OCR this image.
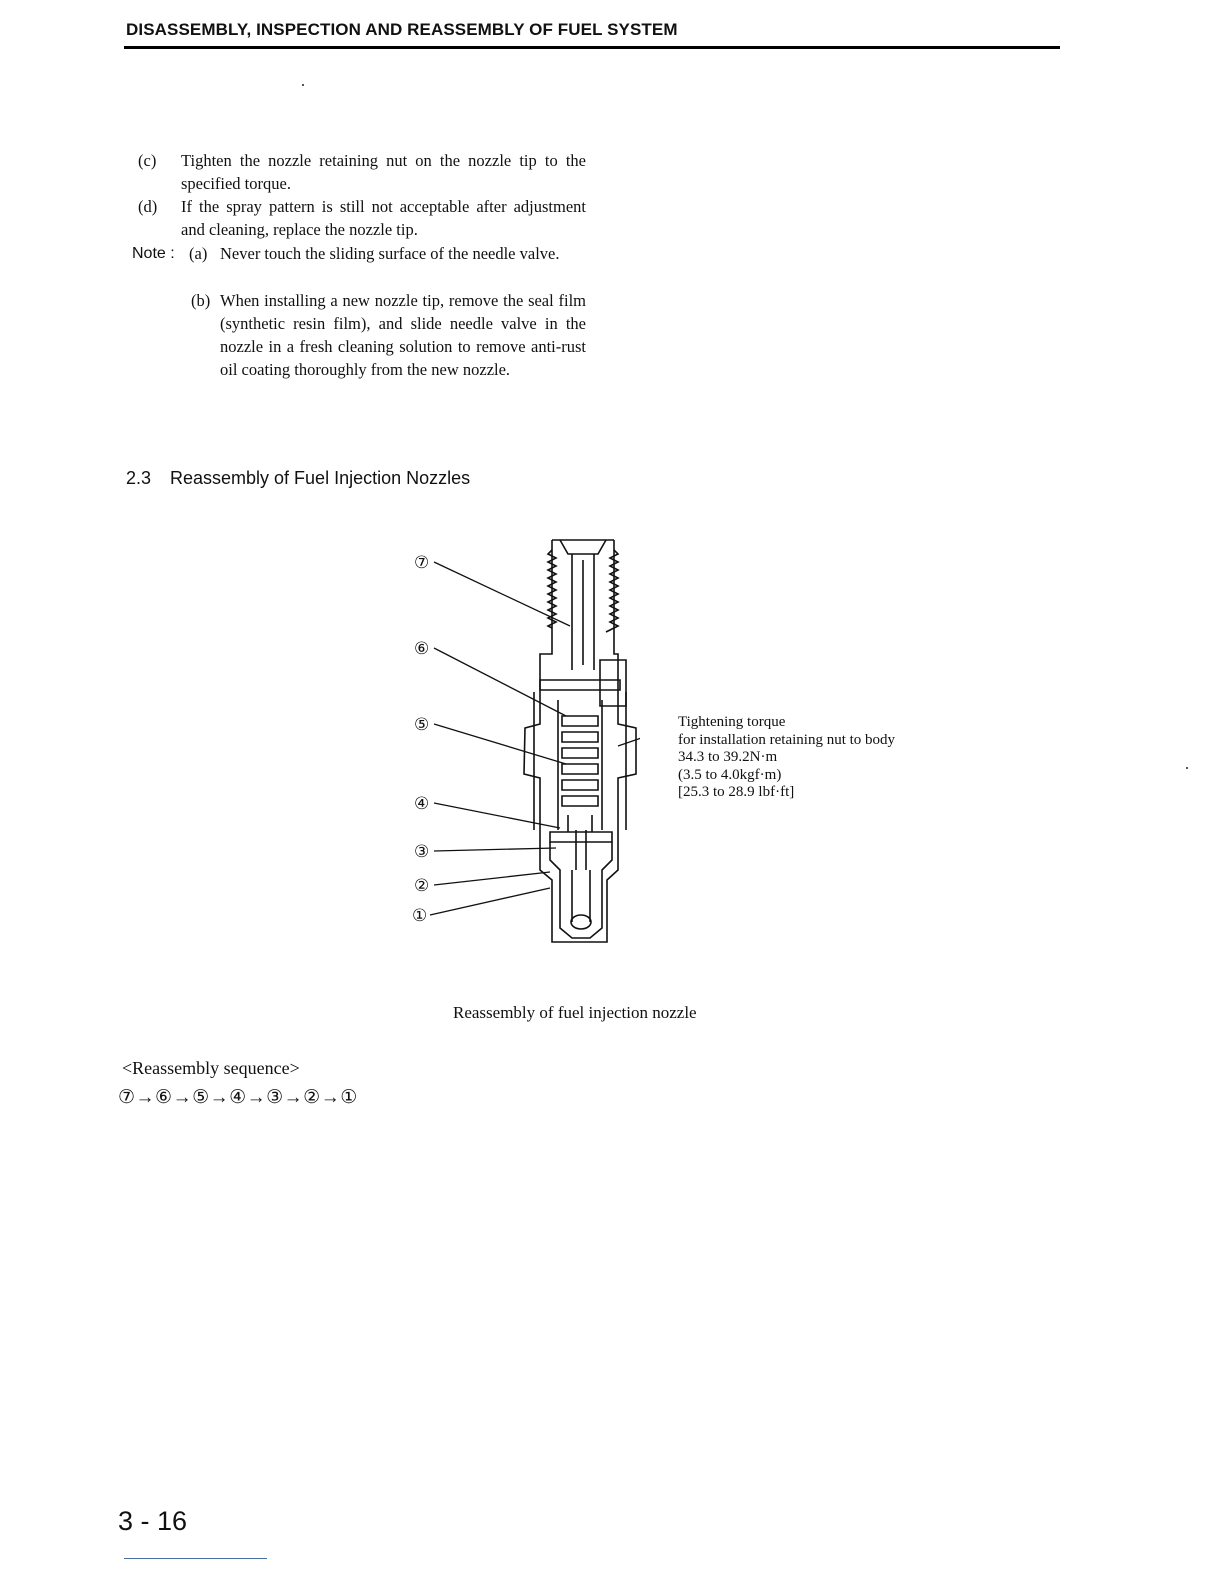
DISASSEMBLY, INSPECTION AND REASSEMBLY OF FUEL SYSTEM
(c) Tighten the nozzle retaining nut on the nozzle tip to the specified torque.
(d) If the spray pattern is still not acceptable after adjustment and cleaning, replace the nozzle tip.
Note : (a) Never touch the sliding surface of the needle valve.
(b) When installing a new nozzle tip, remove the seal film (synthetic resin film), and slide needle valve in the nozzle in a fresh cleaning solution to remove anti-rust oil coating thoroughly from the new nozzle.
2.3 Reassembly of Fuel Injection Nozzles
⑦
⑥
⑤
④
③
②
①
Tightening torque
for installation retaining nut to body
34.3 to 39.2N·m
(3.5 to 4.0kgf·m)
[25.3 to 28.9 lbf·ft]
Reassembly of fuel injection nozzle
<Reassembly sequence>
⑦→⑥→⑤→④→③→②→①
3 - 16
